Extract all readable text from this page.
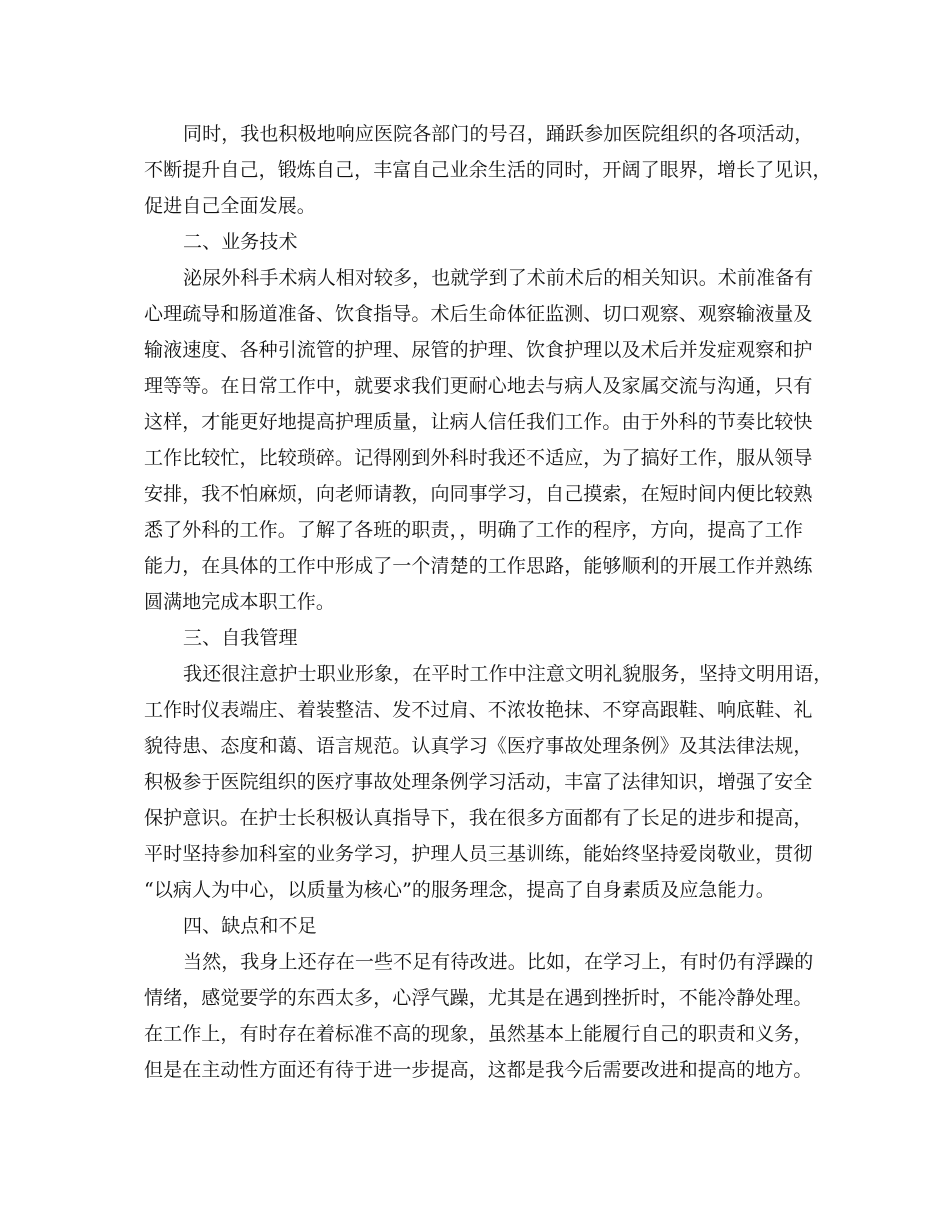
同时，我也积极地响应医院各部门的号召，踊跃参加医院组织的各项活动，
不断提升自己，锻炼自己，丰富自己业余生活的同时，开阔了眼界，增长了见识，
促进自己全面发展。
二、业务技术
泌尿外科手术病人相对较多，也就学到了术前术后的相关知识。术前准备有
心理疏导和肠道准备、饮食指导。术后生命体征监测、切口观察、观察输液量及
输液速度、各种引流管的护理、尿管的护理、饮食护理以及术后并发症观察和护
理等等。在日常工作中，就要求我们更耐心地去与病人及家属交流与沟通，只有
这样，才能更好地提高护理质量，让病人信任我们工作。由于外科的节奏比较快
工作比较忙，比较琐碎。记得刚到外科时我还不适应，为了搞好工作，服从领导
安排，我不怕麻烦，向老师请教，向同事学习，自己摸索，在短时间内便比较熟
悉了外科的工作。了解了各班的职责，，明确了工作的程序，方向，提高了工作
能力，在具体的工作中形成了一个清楚的工作思路，能够顺利的开展工作并熟练
圆满地完成本职工作。
三、自我管理
我还很注意护士职业形象，在平时工作中注意文明礼貌服务，坚持文明用语，
工作时仪表端庄、着装整洁、发不过肩、不浓妆艳抹、不穿高跟鞋、响底鞋、礼
貌待患、态度和蔼、语言规范。认真学习《医疗事故处理条例》及其法律法规，
积极参于医院组织的医疗事故处理条例学习活动，丰富了法律知识，增强了安全
保护意识。在护士长积极认真指导下，我在很多方面都有了长足的进步和提高，
平时坚持参加科室的业务学习，护理人员三基训练，能始终坚持爱岗敬业，贯彻
“以病人为中心，以质量为核心”的服务理念，提高了自身素质及应急能力。
四、缺点和不足
当然，我身上还存在一些不足有待改进。比如，在学习上，有时仍有浮躁的
情绪，感觉要学的东西太多，心浮气躁，尤其是在遇到挫折时，不能冷静处理。
在工作上，有时存在着标准不高的现象，虽然基本上能履行自己的职责和义务，
但是在主动性方面还有待于进一步提高，这都是我今后需要改进和提高的地方。
